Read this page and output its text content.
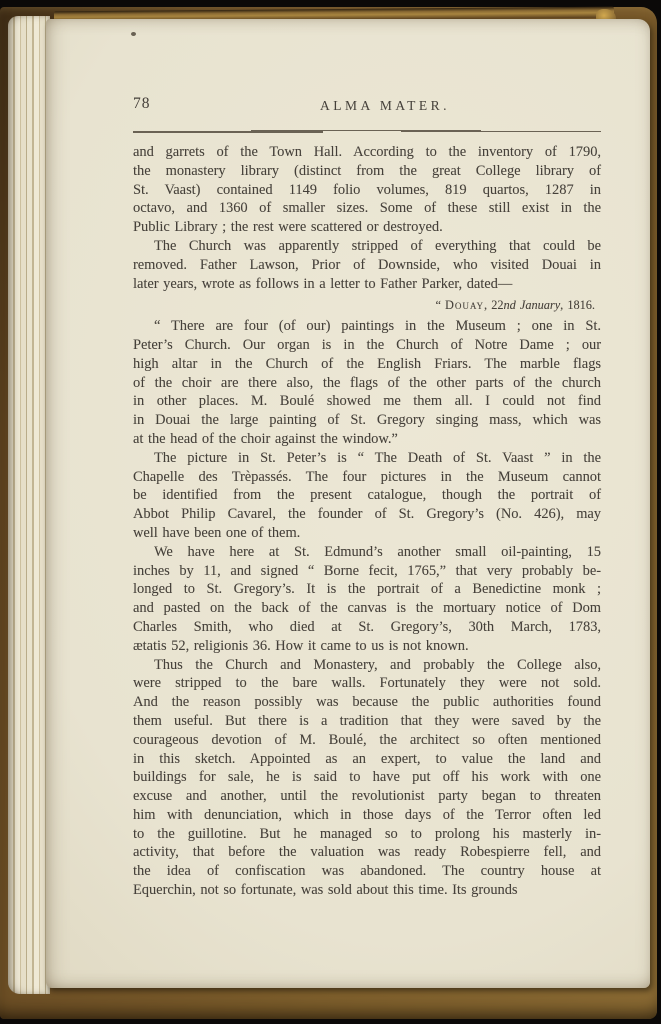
78	ALMA MATER.
and garrets of the Town Hall. According to the inventory of 1790,
the monastery library (distinct from the great College library of
St. Vaast) contained 1149 folio volumes, 819 quartos, 1287 in
octavo, and 1360 of smaller sizes. Some of these still exist in the
Public Library ; the rest were scattered or destroyed.
The Church was apparently stripped of everything that could be
removed. Father Lawson, Prior of Downside, who visited Douai in
later years, wrote as follows in a letter to Father Parker, dated—
“ Douay, 22nd January, 1816.
“ There are four (of our) paintings in the Museum ; one in St.
Peter’s Church. Our organ is in the Church of Notre Dame ; our
high altar in the Church of the English Friars. The marble flags
of the choir are there also, the flags of the other parts of the church
in other places. M. Boulé showed me them all. I could not find
in Douai the large painting of St. Gregory singing mass, which was
at the head of the choir against the window.”
The picture in St. Peter’s is “ The Death of St. Vaast ” in the
Chapelle des Trèpassés. The four pictures in the Museum cannot
be identified from the present catalogue, though the portrait of
Abbot Philip Cavarel, the founder of St. Gregory’s (No. 426), may
well have been one of them.
We have here at St. Edmund’s another small oil-painting, 15
inches by 11, and signed “ Borne fecit, 1765,” that very probably be-
longed to St. Gregory’s. It is the portrait of a Benedictine monk ;
and pasted on the back of the canvas is the mortuary notice of Dom
Charles Smith, who died at St. Gregory’s, 30th March, 1783,
ætatis 52, religionis 36. How it came to us is not known.
Thus the Church and Monastery, and probably the College also,
were stripped to the bare walls. Fortunately they were not sold.
And the reason possibly was because the public authorities found
them useful. But there is a tradition that they were saved by the
courageous devotion of M. Boulé, the architect so often mentioned
in this sketch. Appointed as an expert, to value the land and
buildings for sale, he is said to have put off his work with one
excuse and another, until the revolutionist party began to threaten
him with denunciation, which in those days of the Terror often led
to the guillotine. But he managed so to prolong his masterly in-
activity, that before the valuation was ready Robespierre fell, and
the idea of confiscation was abandoned. The country house at
Equerchin, not so fortunate, was sold about this time. Its grounds
